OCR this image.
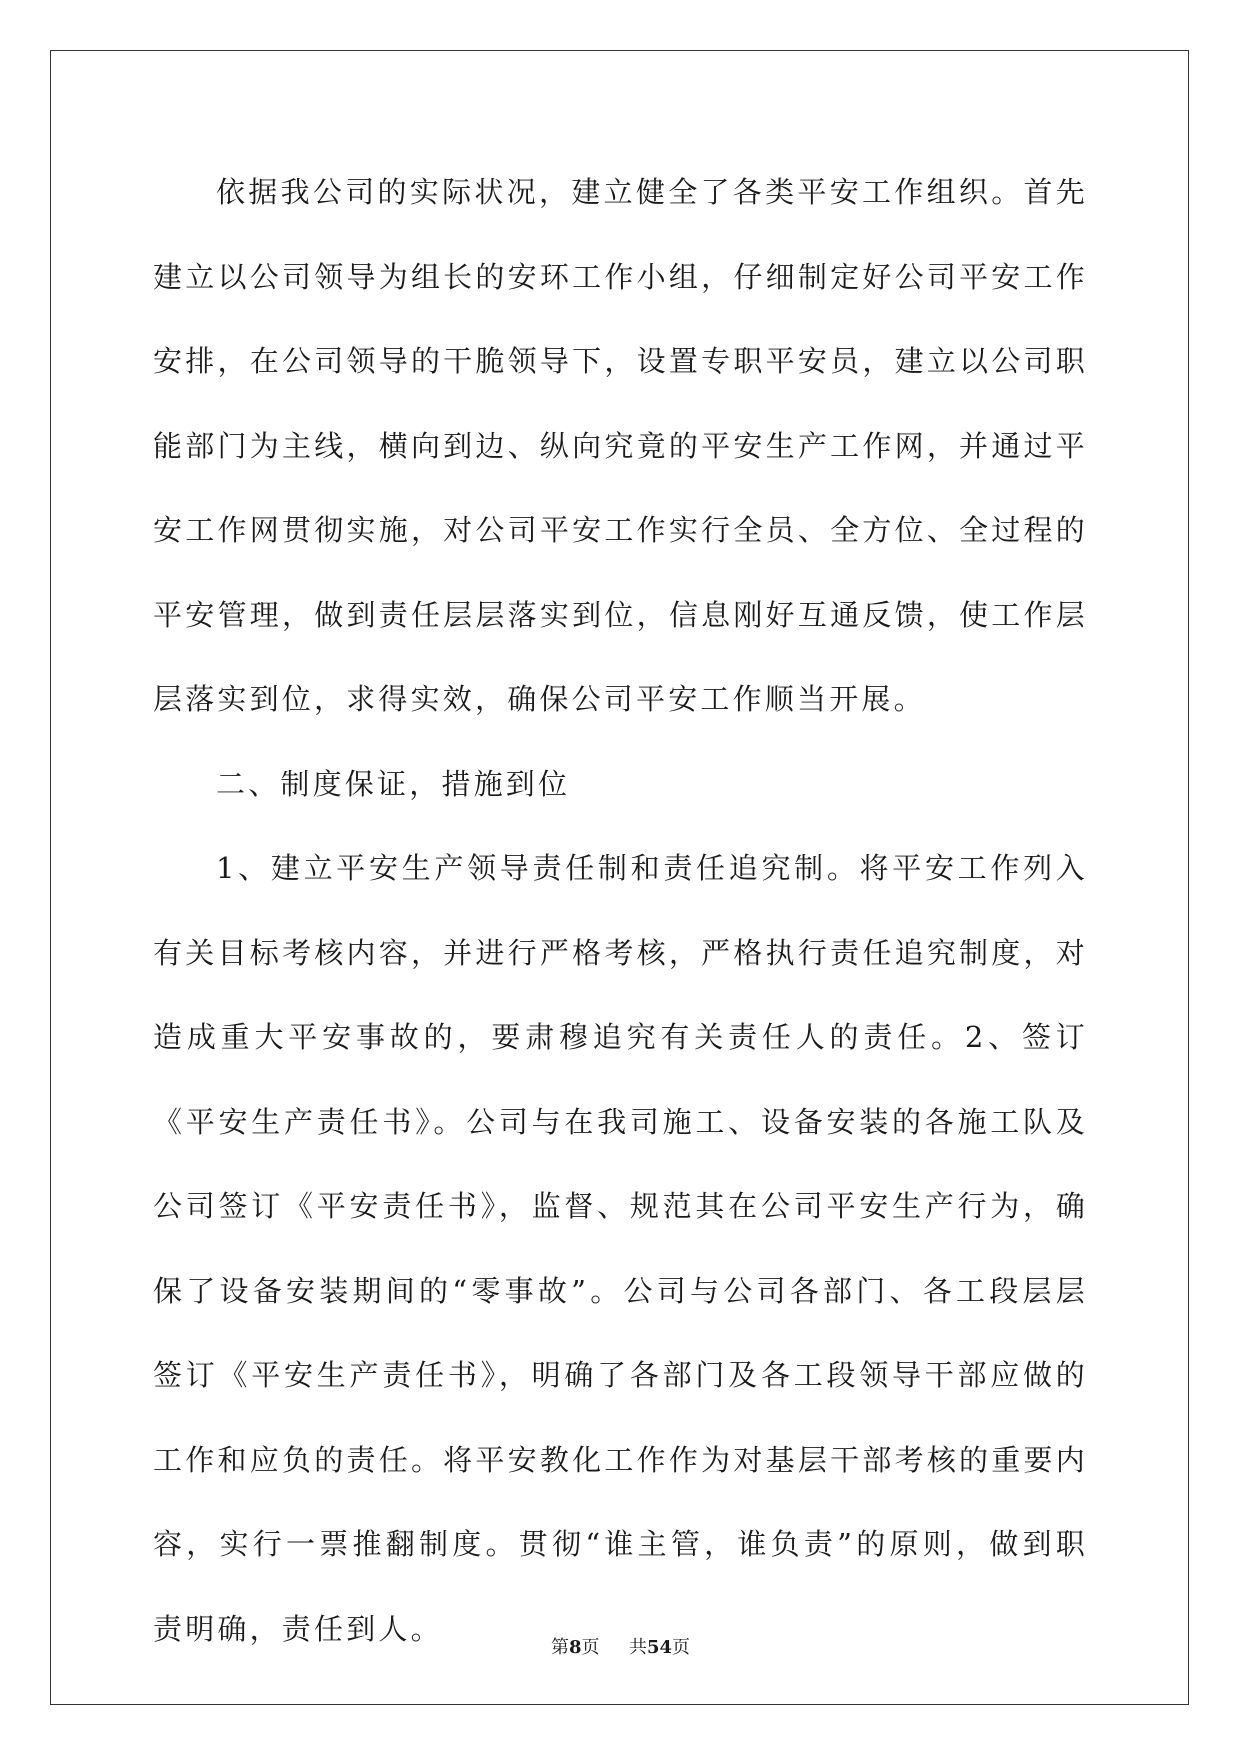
依据我公司的实际状况，建立健全了各类平安工作组织。首先建立以公司领导为组长的安环工作小组，仔细制定好公司平安工作安排，在公司领导的干脆领导下，设置专职平安员，建立以公司职能部门为主线，横向到边、纵向究竟的平安生产工作网，并通过平安工作网贯彻实施，对公司平安工作实行全员、全方位、全过程的平安管理，做到责任层层落实到位，信息刚好互通反馈，使工作层层落实到位，求得实效，确保公司平安工作顺当开展。

二、制度保证，措施到位

1、建立平安生产领导责任制和责任追究制。将平安工作列入有关目标考核内容，并进行严格考核，严格执行责任追究制度，对造成重大平安事故的，要肃穆追究有关责任人的责任。2、签订《平安生产责任书》。公司与在我司施工、设备安装的各施工队及公司签订《平安责任书》，监督、规范其在公司平安生产行为，确保了设备安装期间的“零事故”。公司与公司各部门、各工段层层签订《平安生产责任书》，明确了各部门及各工段领导干部应做的工作和应负的责任。将平安教化工作作为对基层干部考核的重要内容，实行一票推翻制度。贯彻“谁主管，谁负责”的原则，做到职责明确，责任到人。

第8页 共54页
